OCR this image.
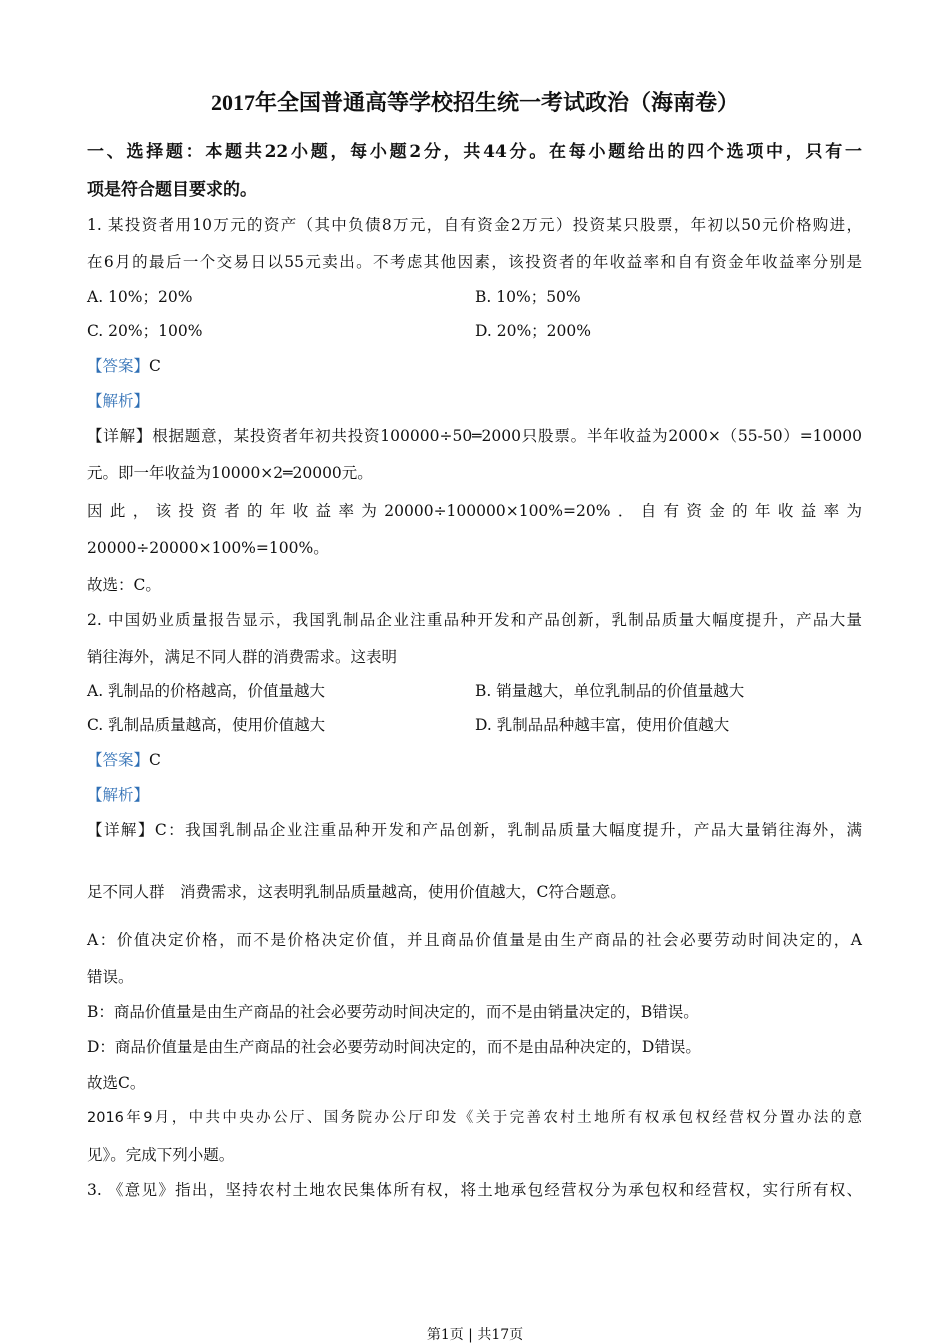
2017年全国普通高等学校招生统一考试政治（海南卷）
一、选择题：本题共22小题，每小题2分，共44分。在每小题给出的四个选项中，只有一
项是符合题目要求的。
1. 某投资者用10万元的资产（其中负债8万元，自有资金2万元）投资某只股票，年初以50元价格购进，
在6月的最后一个交易日以55元卖出。不考虑其他因素，该投资者的年收益率和自有资金年收益率分别是
A. 10%；20%	B. 10%；50%
C. 20%；100%	D. 20%；200%
【答案】C
【解析】
【详解】根据题意，某投资者年初共投资100000÷50═2000只股票。半年收益为2000×（55-50）=10000
元。即一年收益为10000×2═20000元。
因此，该投资者的年收益率为20000÷100000×100%=20%．自有资金的年收益率为
20000÷20000×100%=100%。
故选：C。
2. 中国奶业质量报告显示，我国乳制品企业注重品种开发和产品创新，乳制品质量大幅度提升，产品大量
销往海外，满足不同人群的消费需求。这表明
A. 乳制品的价格越高，价值量越大	B. 销量越大，单位乳制品的价值量越大
C. 乳制品质量越高，使用价值越大	D. 乳制品品种越丰富，使用价值越大
【答案】C
【解析】
【详解】C：我国乳制品企业注重品种开发和产品创新，乳制品质量大幅度提升，产品大量销往海外，满
足不同人群　消费需求，这表明乳制品质量越高，使用价值越大，C符合题意。
A：价值决定价格，而不是价格决定价值，并且商品价值量是由生产商品的社会必要劳动时间决定的，A
错误。
B：商品价值量是由生产商品的社会必要劳动时间决定的，而不是由销量决定的，B错误。
D：商品价值量是由生产商品的社会必要劳动时间决定的，而不是由品种决定的，D错误。
故选C。
2016年9月，中共中央办公厅、国务院办公厅印发《关于完善农村土地所有权承包权经营权分置办法的意
见》。完成下列小题。
3. 《意见》指出，坚持农村土地农民集体所有权，将土地承包经营权分为承包权和经营权，实行所有权、
第1页 | 共17页
